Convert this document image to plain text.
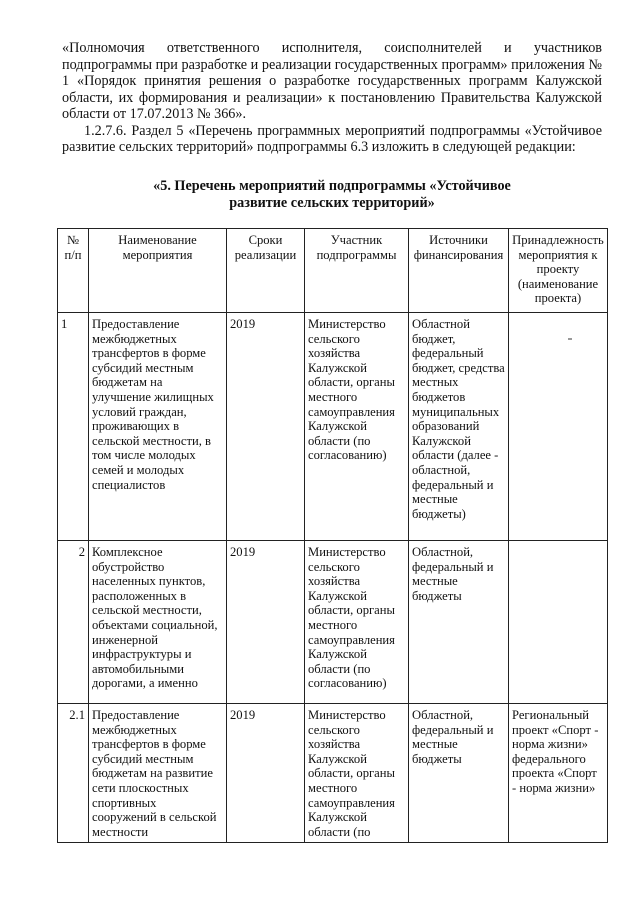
«Полномочия ответственного исполнителя, соисполнителей и участников подпрограммы при разработке и реализации государственных программ» приложения № 1 «Порядок принятия решения о разработке государственных программ Калужской области, их формирования и реализации» к постановлению Правительства Калужской области от 17.07.2013 № 366».

1.2.7.6. Раздел 5 «Перечень программных мероприятий подпрограммы «Устойчивое развитие сельских территорий» подпрограммы 6.3 изложить в следующей редакции:

«5. Перечень мероприятий подпрограммы «Устойчивое
развитие сельских территорий»
№ п/п	Наименование мероприятия	Сроки реализации	Участник подпрограммы	Источники финансирования	Принадлежность мероприятия к проекту (наименование проекта)
1	Предоставление межбюджетных трансфертов в форме субсидий местным бюджетам на улучшение жилищных условий граждан, проживающих в сельской местности, в том числе молодых семей и молодых специалистов	2019	Министерство сельского хозяйства Калужской области, органы местного самоуправления Калужской области (по согласованию)	Областной бюджет, федеральный бюджет, средства местных бюджетов муниципальных образований Калужской области (далее - областной, федеральный и местные бюджеты)	
2	Комплексное обустройство населенных пунктов, расположенных в сельской местности, объектами социальной, инженерной инфраструктуры и автомобильными дорогами, а именно	2019	Министерство сельского хозяйства Калужской области, органы местного самоуправления Калужской области (по согласованию)	Областной, федеральный и местные бюджеты	
2.1	Предоставление межбюджетных трансфертов в форме субсидий местным бюджетам на развитие сети плоскостных спортивных сооружений в сельской местности	2019	Министерство сельского хозяйства Калужской области, органы местного самоуправления Калужской области (по	Областной, федеральный и местные бюджеты	Региональный проект «Спорт - норма жизни» федерального проекта «Спорт - норма жизни»
